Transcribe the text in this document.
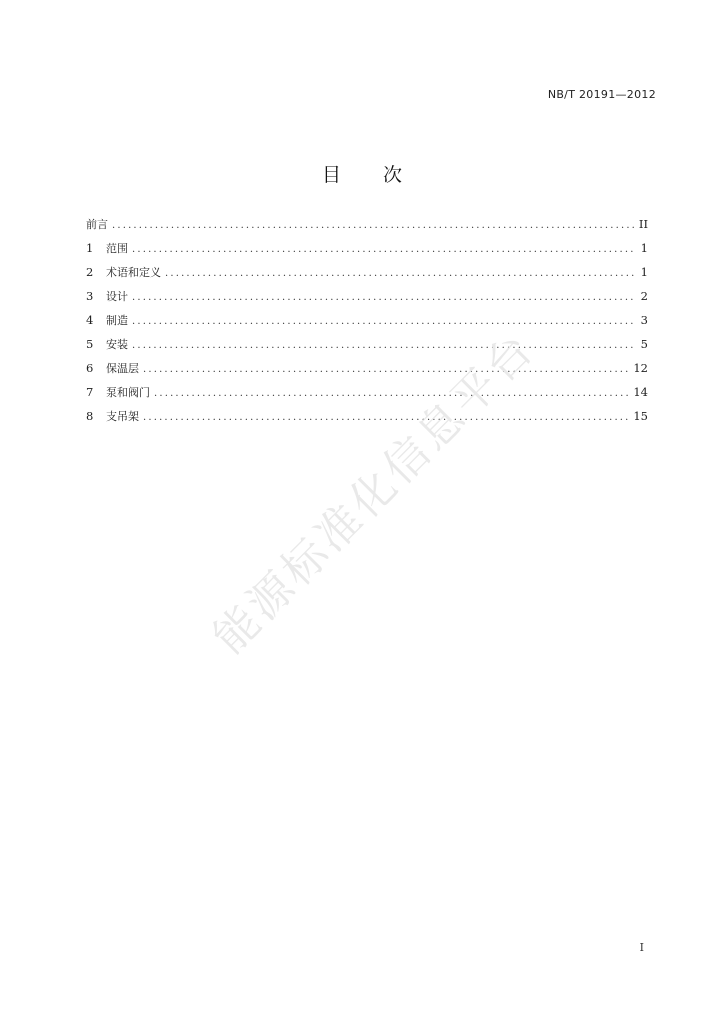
NB/T 20191—2012
目 次
前言 . . .	II
1	范围 . . .	1
2	术语和定义 . . .	1
3	设计 . . .	2
4	制造 . . .	3
5	安装 . . .	5
6	保温层 . . .	12
7	泵和阀门 . . .	14
8	支吊架 . . .	15
能源标准化信息平台
I
